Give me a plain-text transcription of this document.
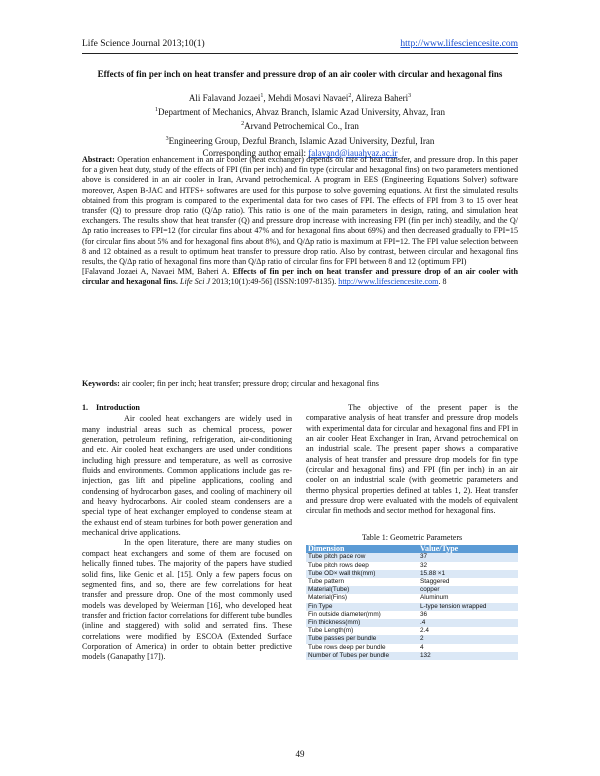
Life Science Journal 2013;10(1)	http://www.lifesciencesite.com
Effects of fin per inch on heat transfer and pressure drop of an air cooler with circular and hexagonal fins
Ali Falavand Jozaei$^1$, Mehdi Mosavi Navaei$^2$, Alireza Baheri$^3$
$^1$Department of Mechanics, Ahvaz Branch, Islamic Azad University, Ahvaz, Iran
$^2$Arvand Petrochemical Co., Iran
$^3$Engineering Group, Dezful Branch, Islamic Azad University, Dezful, Iran
Corresponding author email: falavand@iauahvaz.ac.ir
Abstract: Operation enhancement in an air cooler (heat exchanger) depends on rate of heat transfer, and pressure drop. In this paper for a given heat duty, study of the effects of FPI (fin per inch) and fin type (circular and hexagonal fins) on two parameters mentioned above is considered in an air cooler in Iran, Arvand petrochemical. A program in EES (Engineering Equations Solver) software moreover, Aspen B-JAC and HTFS+ softwares are used for this purpose to solve governing equations. At first the simulated results obtained from this program is compared to the experimental data for two cases of FPI. The effects of FPI from 3 to 15 over heat transfer (Q) to pressure drop ratio (Q/Δp ratio). This ratio is one of the main parameters in design, rating, and simulation heat exchangers. The results show that heat transfer (Q) and pressure drop increase with increasing FPI (fin per inch) steadily, and the Q/Δp ratio increases to FPI=12 (for circular fins about 47% and for hexagonal fins about 69%) and then decreased gradually to FPI=15 (for circular fins about 5% and for hexagonal fins about 8%), and Q/Δp ratio is maximum at FPI=12. The FPI value selection between 8 and 12 obtained as a result to optimum heat transfer to pressure drop ratio. Also by contrast, between circular and hexagonal fins results, the Q/Δp ratio of hexagonal fins more than Q/Δp ratio of circular fins for FPI between 8 and 12 (optimum FPI)
[Falavand Jozaei A, Navaei MM, Baheri A. Effects of fin per inch on heat transfer and pressure drop of an air cooler with circular and hexagonal fins. Life Sci J 2013;10(1):49-56] (ISSN:1097-8135). http://www.lifesciencesite.com. 8
Keywords: air cooler; fin per inch; heat transfer; pressure drop; circular and hexagonal fins
1. Introduction

Air cooled heat exchangers are widely used in many industrial areas such as chemical process, power generation, petroleum refining, refrigeration, air-conditioning and etc. Air cooled heat exchangers are used under conditions including high pressure and temperature, as well as corrosive fluids and environments. Common applications include gas re-injection, gas lift and pipeline applications, cooling and condensing of hydrocarbon gases, and cooling of machinery oil and heavy hydrocarbons. Air cooled steam condensers are a special type of heat exchanger employed to condense steam at the exhaust end of steam turbines for both power generation and mechanical drive applications.

In the open literature, there are many studies on compact heat exchangers and some of them are focused on helically finned tubes. The majority of the papers have studied solid fins, like Genic et al. [15]. Only a few papers focus on segmented fins, and so, there are few correlations for heat transfer and pressure drop. One of the most commonly used models was developed by Weierman [16], who developed heat transfer and friction factor correlations for different tube bundles (inline and staggered) with solid and serrated fins. These correlations were modified by ESCOA (Extended Surface Corporation of America) in order to obtain better predictive models (Ganapathy [17]).

The objective of the present paper is the comparative analysis of heat transfer and pressure drop models with experimental data for circular and hexagonal fins and FPI in an air cooler Heat Exchanger in Iran, Arvand petrochemical on an industrial scale. The present paper shows a comparative analysis of heat transfer and pressure drop models for fin type (circular and hexagonal fins) and FPI (fin per inch) in an air cooler on an industrial scale (with geometric parameters and thermo physical properties defined at tables 1, 2). Heat transfer and pressure drop were evaluated with the models of equivalent circular fin methods and sector method for hexagonal fins.

Table 1: Geometric Parameters
Dimension	Value/Type
Tube pitch pace row	37
Tube pitch rows deep	32
Tube OD× wall thk(mm)	15.88 ×1
Tube pattern	Staggered
Material(Tube)	copper
Material(Fins)	Aluminum
Fin Type	L-type tension wrapped
Fin outside diameter(mm)	36
Fin thickness(mm)	.4
Tube Length(m)	2.4
Tube passes per bundle	2
Tube rows deep per bundle	4
Number of Tubes per bundle	132
49
